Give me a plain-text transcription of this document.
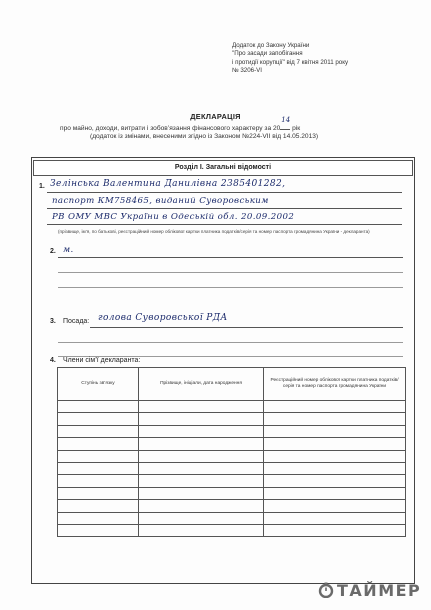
Додаток до Закону України
"Про засади запобігання
і протидії корупції" від 7 квітня 2011 року
№ 3206-VI
ДЕКЛАРАЦІЯ
про майно, доходи, витрати і зобов’язання фінансового характеру за 20
14
рік
(додаток із змінами, внесеними згідно із Законом №224-VII від 14.05.2013)
Розділ І. Загальні відомості
1. Зелінська Валентина Данилівна 2385401282,
паспорт КМ758465, виданий Суворовським
РВ ОМУ МВС України в Одеській обл. 20.09.2002
(прізвище, ім’я, по батькові, реєстраційний номер облікової картки платника податків/серія та номер паспорта громадянина України - декларанта)
2. м.
3. Посада: голова Суворовської РДА
4. Члени сім’ї декларанта:
Ступінь зв’язку	Прізвище, ініціали, дата народження	Реєстраційний номер облікової картки платника податків/ серія та номер паспорта громадянина України

ТАЙМЕР
